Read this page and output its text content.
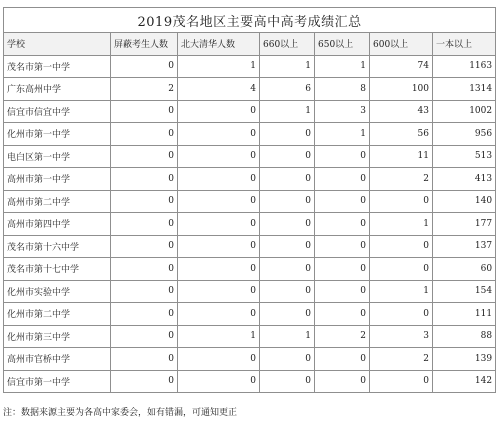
2019茂名地区主要高中高考成绩汇总						
学校	屏蔽考生人数	北大清华人数	660以上	650以上	600以上	一本以上
茂名市第一中学	0	1	1	1	74	1163
广东高州中学	2	4	6	8	100	1314
信宜市信宜中学	0	0	1	3	43	1002
化州市第一中学	0	0	0	1	56	956
电白区第一中学	0	0	0	0	11	513
高州市第一中学	0	0	0	0	2	413
高州市第二中学	0	0	0	0	0	140
高州市第四中学	0	0	0	0	1	177
茂名市第十六中学	0	0	0	0	0	137
茂名市第十七中学	0	0	0	0	0	60
化州市实验中学	0	0	0	0	1	154
化州市第二中学	0	0	0	0	0	111
化州市第三中学	0	1	1	2	3	88
高州市官桥中学	0	0	0	0	2	139
信宜市第一中学	0	0	0	0	0	142
注：数据来源主要为各高中家委会，如有错漏，可通知更正
